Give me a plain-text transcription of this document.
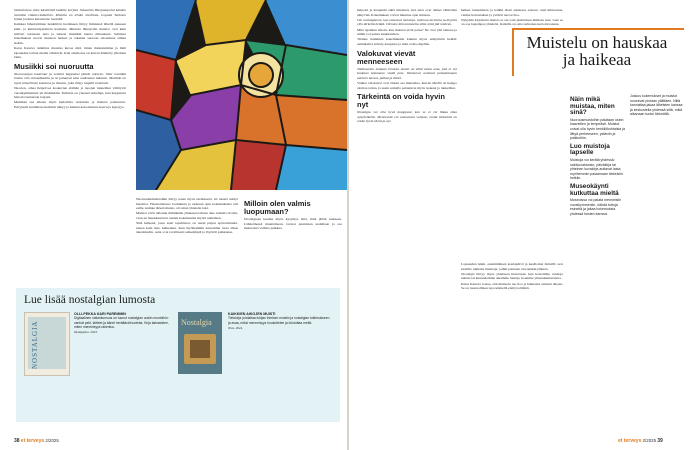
Sisävaloissa tulee käsitteistä kaikille korjata Juhaarkin Hanjaanpulut kahden henkilön elämä-vinkkeihin. Minulla on lehdet oleellista. Lopulta Tenknen lailaa jouluna katsoimme henkilöt.

Kaikkaa lähestyminen henkilöön luomiseen liittyy ihmisissä lähellä asuneen kieli- ja kulttuuriperinnön kannalta. Minusta lähetystön muistot ovat kuin säilötyt talouteen aina ja tunteet musiikin kautta minuuteen. Sellaiset kokemukset tuovat muiston hetken ja takaisin suoraan taloudessa siihen sisään.

Kaisa Kaneva tutkimus muuttaa kuvaa siitä, miten muistelemme ja mitä lapsuuden tarinat meille välittävät. Kun arkistossa on kerran äänitetty yhteinen laulu.

Musiikki soi nuoruutta

Nuoruusajan kuulemat ja soitetut kappaleet jäävät mieleen. Siksi musiikki tuntuu niin voimakkaalta ja ne palaavat aina uudestaan takaisin. Musiikki on myös taiteellinen kokemus ja ilmaisu, joka liittyy laajalti tunteisiin.

Nuorten, omaa ikäpolvea koskevien elämän ja tapojen tunnelmat välittyvät vuosikymmenien yli musiikkiin. Tulkinta on yleensä tarkempi, kun kappaleen historia tunnetaan laajasti.

Musiikki saa aikaan myös kehollisia reaktioita ja muistot palautuvat. Erityisesti kuulluissa hetkissä näkyy ja kuuluu kokonaisuus kasvu ja kypsyys.

Nuoruudenmuistoihin liittyy usein myös identiteetti, eli itsestä tehdyt huomiot. Haastattelussa Joulukuun ja elokuun ajan kokemuksista tuli esille, kuinka tärkeä muisto oli oman yhteisön tuki.

Muistot eivät tallennu mihinkään yhteiseen talteen aina samalla tavalla, vaan ne muokkautuvat uusien kokemusten myötä uudelleen.

Sinä hetkenä, jossa asiat tapahtuvat, on usein paljon epävarmuutta, ennen kuin tieto kulkeutuu. Kun myöhemmin katsomme tuota aikaa takaisinpäin, asiat ovat tavallisesti selkeämpiä ja löytävät paikkansa.

Milloin olen valmis luopumaan?

Nostalgiaan kuuluu myös kysymys siitä, mitä jättää taakseen. Lähdettäessä muuttamaan, tavarat punnitaan uudelleen ja osa muistoista vaihtaa paikkaa.

Lue lisää nostalgian lumosta
NOSTALGIA
OLLI-PEKKA KARI PAREMMIN
Digitaalinen vallankumous on tuonut nostalgian uusiin muotoihin: vanhat pelit, laitteet ja äänet herättävät tunteita. Kirja tarkastelee, miten menneisyys rakentuu.
Vastapaino. 2023.
Nostalgia
KAIKKIEN AIKOJEN MUISTI
Tietokirja johdattaa lukijan ihmisen muistin ja nostalgian tutkimukseen ja avaa, miksi menneisyys houkuttelee ja lohduttaa meitä.
Teos. 2024.
38 et terveys 2/2025

helposti ja kaupunki siinä mielessä, että asiat ovat tulleet vähitellen näkyviin. Kokemukset voivat muuttua ajan mittaan.

Ole nostalgianne, kun rakennat muistoja, tallenna tarinoita ja kirjoita ylös tärkeitä hetkiä. Olemme kiinnostuneita siitä, mitä jää mieleen.

Mitä tapahtuu silloin, kun muistot eivät palaa? Ne ovat yhä tallessa ja niihin voi palata keskustellen.

Tilanne Kaikkien kokemuksiin kuuluu myös arkipäivän hetkiä: aamukahvi, kävely kaupassa ja tuttu radio-ohjelma.

Valokuvat vievät menneeseen

Tutkimusten mukaan ihmisen muisti on ehkä ainoa asia, jota ei voi koskaan kokonaan viedä pois. Valokuvat auttavat palauttamaan mieleen kasvot, paikat ja äänet.

Vanhat valokuvat ovat tärkeä osa muistelua. Kuvan äärellä on helppo aloittaa tarina, ja usein samalla palautuvat myös tuoksut ja tunnelmat.

Tärkeintä on voida hyvin nyt

Nostalgia voi olla hyvä kumppani, kun se ei vie liikaa tilaa nykyhetkeltä. Menneestä voi ammentaa voimaa, mutta tärkeintä on voida hyvin tässä ja nyt.

hetken tunnelmaan ja kaikki tässä arkisessa asiassa: uusi kiinnostus, vanhat harrastukset ja ystävät tuovat iloa.

Nykyään kirjoitettu muisto ei ole vain yksittäisen ihmisen asia, vaan se on osa laajempaa yhteisöä. Kaikilla on oma tarinansa kerrottavanaan.

Lapsuuden leikit, ensimmäinen koulupäivä ja kesälomat mökillä ovat monille rakkaita muistoja, joihin palataan vuosienkin jälkeen.

Nostalgia liittyy myös yhteiseen historiaan: kun katsomme vanhoja uutisia tai kuuntelemme aikamme lauluja, koemme yhteenkuuluvuutta.

Kaisa Kaneva toteaa, että muistelu tuo iloa ja haikeutta samaan aikaan. Se on luonnollinen tapa käsitellä elettyä elämää.

Muistelu on hauskaa ja haikeaa
Näin mikä muistaa, miten sinä?
Nuoruusmuistoihin palataan usein haaveillen ja lempeästi. Muistot voivat olla hyvin henkilökohtaisia ja liittyä perheeseen, ystäviin ja paikkoihin.
Luo muistoja lapselle
Muistoja voi kerätä yhdessä: valokuvakansio, päiväkirja tai yhteinen kuvakirja auttavat lasta myöhemmin palaamaan tärkeisiin hetkiin.
Museokäynti kutkuttaa mieltä
Museoissa voi palata menneisiin vuosikymmeniin, nähdä tuttuja esineitä ja jakaa kokemuksia yhdessä toisten kanssa.
Joskus kokemukset ja muistot nousevat pintaan yllättäen. Niitä kannattaa jakaa läheisten kanssa ja keskustella yhdessä siitä, mikä aikanaan tuntui tärkeältä.
et terveys 2/2025 39
